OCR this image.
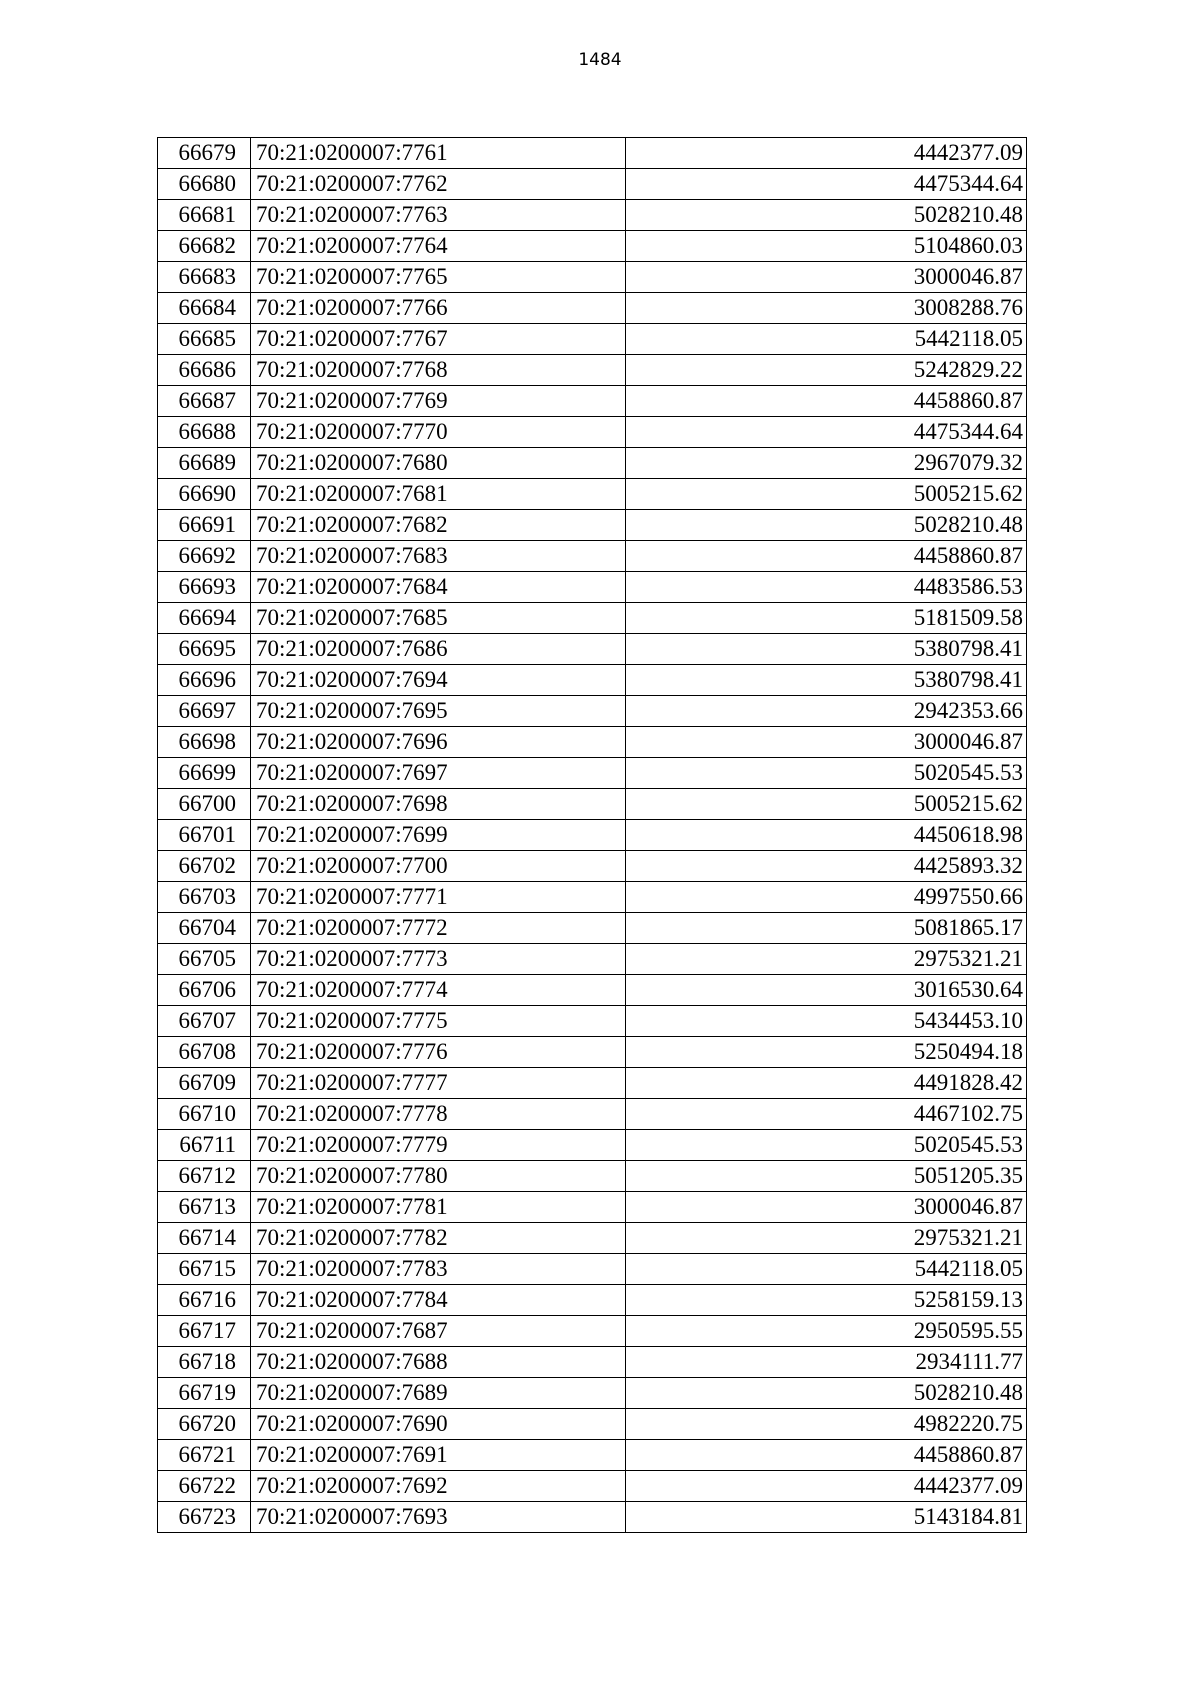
1484
66679	70:21:0200007:7761	4442377.09
66680	70:21:0200007:7762	4475344.64
66681	70:21:0200007:7763	5028210.48
66682	70:21:0200007:7764	5104860.03
66683	70:21:0200007:7765	3000046.87
66684	70:21:0200007:7766	3008288.76
66685	70:21:0200007:7767	5442118.05
66686	70:21:0200007:7768	5242829.22
66687	70:21:0200007:7769	4458860.87
66688	70:21:0200007:7770	4475344.64
66689	70:21:0200007:7680	2967079.32
66690	70:21:0200007:7681	5005215.62
66691	70:21:0200007:7682	5028210.48
66692	70:21:0200007:7683	4458860.87
66693	70:21:0200007:7684	4483586.53
66694	70:21:0200007:7685	5181509.58
66695	70:21:0200007:7686	5380798.41
66696	70:21:0200007:7694	5380798.41
66697	70:21:0200007:7695	2942353.66
66698	70:21:0200007:7696	3000046.87
66699	70:21:0200007:7697	5020545.53
66700	70:21:0200007:7698	5005215.62
66701	70:21:0200007:7699	4450618.98
66702	70:21:0200007:7700	4425893.32
66703	70:21:0200007:7771	4997550.66
66704	70:21:0200007:7772	5081865.17
66705	70:21:0200007:7773	2975321.21
66706	70:21:0200007:7774	3016530.64
66707	70:21:0200007:7775	5434453.10
66708	70:21:0200007:7776	5250494.18
66709	70:21:0200007:7777	4491828.42
66710	70:21:0200007:7778	4467102.75
66711	70:21:0200007:7779	5020545.53
66712	70:21:0200007:7780	5051205.35
66713	70:21:0200007:7781	3000046.87
66714	70:21:0200007:7782	2975321.21
66715	70:21:0200007:7783	5442118.05
66716	70:21:0200007:7784	5258159.13
66717	70:21:0200007:7687	2950595.55
66718	70:21:0200007:7688	2934111.77
66719	70:21:0200007:7689	5028210.48
66720	70:21:0200007:7690	4982220.75
66721	70:21:0200007:7691	4458860.87
66722	70:21:0200007:7692	4442377.09
66723	70:21:0200007:7693	5143184.81
